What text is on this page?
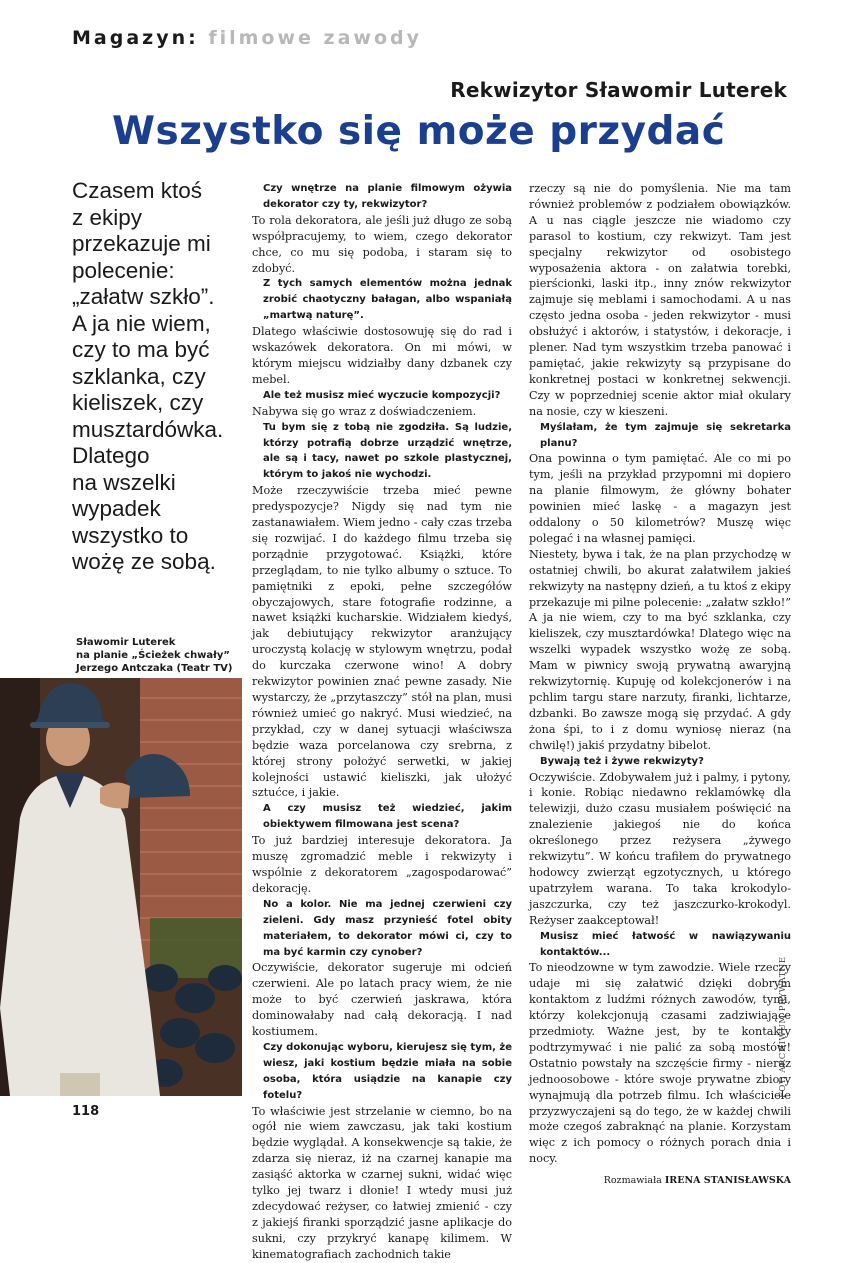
Magazyn: filmowe zawody
Rekwizytor Sławomir Luterek
Wszystko się może przydać
Czasem ktoś
z ekipy
przekazuje mi
polecenie:
„załatw szkło”.
A ja nie wiem,
czy to ma być
szklanka, czy
kieliszek, czy
musztardówka.
Dlatego
na wszelki
wypadek
wszystko to
wożę ze sobą.
Sławomir Luterek
na planie „Ścieżek chwały”
Jerzego Antczaka (Teatr TV)

Czy wnętrze na planie filmowym ożywia dekorator czy ty, rekwizytor?

To rola dekoratora, ale jeśli już długo ze sobą współpracujemy, to wiem, czego dekorator chce, co mu się podoba, i staram się to zdobyć.

Z tych samych elementów można jednak zrobić chaotyczny bałagan, albo wspaniałą „martwą naturę”.

Dlatego właściwie dostosowuję się do rad i wskazówek dekoratora. On mi mówi, w którym miejscu widziałby dany dzbanek czy mebel.

Ale też musisz mieć wyczucie kompozycji?

Nabywa się go wraz z doświadczeniem.

Tu bym się z tobą nie zgodziła. Są ludzie, którzy potrafią dobrze urządzić wnętrze, ale są i tacy, nawet po szkole plastycznej, którym to jakoś nie wychodzi.

Może rzeczywiście trzeba mieć pewne predyspozycje? Nigdy się nad tym nie zastanawiałem. Wiem jedno - cały czas trzeba się rozwijać. I do każdego filmu trzeba się porządnie przygotować. Książki, które przeglądam, to nie tylko albumy o sztuce. To pamiętniki z epoki, pełne szczegółów obyczajowych, stare fotografie rodzinne, a nawet książki kucharskie. Widziałem kiedyś, jak debiutujący rekwizytor aranżujący uroczystą kolację w stylowym wnętrzu, podał do kurczaka czerwone wino! A dobry rekwizytor powinien znać pewne zasady. Nie wystarczy, że „przytaszczy” stół na plan, musi również umieć go nakryć. Musi wiedzieć, na przykład, czy w danej sytuacji właściwsza będzie waza porcelanowa czy srebrna, z której strony położyć serwetki, w jakiej kolejności ustawić kieliszki, jak ułożyć sztućce, i jakie.

A czy musisz też wiedzieć, jakim obiektywem filmowana jest scena?

To już bardziej interesuje dekoratora. Ja muszę zgromadzić meble i rekwizyty i wspólnie z dekoratorem „zagospodarować” dekorację.

No a kolor. Nie ma jednej czerwieni czy zieleni. Gdy masz przynieść fotel obity materiałem, to dekorator mówi ci, czy to ma być karmin czy cynober?

Oczywiście, dekorator sugeruje mi odcień czerwieni. Ale po latach pracy wiem, że nie może to być czerwień jaskrawa, która dominowałaby nad całą dekoracją. I nad kostiumem.

Czy dokonując wyboru, kierujesz się tym, że wiesz, jaki kostium będzie miała na sobie osoba, która usiądzie na kanapie czy fotelu?

To właściwie jest strzelanie w ciemno, bo na ogół nie wiem zawczasu, jak taki kostium będzie wyglądał. A konsekwencje są takie, że zdarza się nieraz, iż na czarnej kanapie ma zasiąść aktorka w czarnej sukni, widać więc tylko jej twarz i dłonie! I wtedy musi już zdecydować reżyser, co łatwiej zmienić - czy z jakiejś firanki sporządzić jasne aplikacje do sukni, czy przykryć kanapę kilimem. W kinematografiach zachodnich takie

rzeczy są nie do pomyślenia. Nie ma tam również problemów z podziałem obowiązków. A u nas ciągle jeszcze nie wiadomo czy parasol to kostium, czy rekwizyt. Tam jest specjalny rekwizytor od osobistego wyposażenia aktora - on załatwia torebki, pierścionki, laski itp., inny znów rekwizytor zajmuje się meblami i samochodami. A u nas często jedna osoba - jeden rekwizytor - musi obsłużyć i aktorów, i statystów, i dekoracje, i plener. Nad tym wszystkim trzeba panować i pamiętać, jakie rekwizyty są przypisane do konkretnej postaci w konkretnej sekwencji. Czy w poprzedniej scenie aktor miał okulary na nosie, czy w kieszeni.

Myślałam, że tym zajmuje się sekretarka planu?

Ona powinna o tym pamiętać. Ale co mi po tym, jeśli na przykład przypomni mi dopiero na planie filmowym, że główny bohater powinien mieć laskę - a magazyn jest oddalony o 50 kilometrów? Muszę więc polegać i na własnej pamięci.

Niestety, bywa i tak, że na plan przychodzę w ostatniej chwili, bo akurat załatwiłem jakieś rekwizyty na następny dzień, a tu ktoś z ekipy przekazuje mi pilne polecenie: „załatw szkło!” A ja nie wiem, czy to ma być szklanka, czy kieliszek, czy musztardówka! Dlatego więc na wszelki wypadek wszystko wożę ze sobą. Mam w piwnicy swoją prywatną awaryjną rekwizytornię. Kupuję od kolekcjonerów i na pchlim targu stare narzuty, firanki, lichtarze, dzbanki. Bo zawsze mogą się przydać. A gdy żona śpi, to i z domu wyniosę nieraz (na chwilę!) jakiś przydatny bibelot.

Bywają też i żywe rekwizyty?

Oczywiście. Zdobywałem już i palmy, i pytony, i konie. Robiąc niedawno reklamówkę dla telewizji, dużo czasu musiałem poświęcić na znalezienie jakiegoś nie do końca określonego przez reżysera „żywego rekwizytu”. W końcu trafiłem do prywatnego hodowcy zwierząt egzotycznych, u którego upatrzyłem warana. To taka krokodylo-jaszczurka, czy też jaszczurko-krokodyl. Reżyser zaakceptował!

Musisz mieć łatwość w nawiązywaniu kontaktów...

To nieodzowne w tym zawodzie. Wiele rzeczy udaje mi się załatwić dzięki dobrym kontaktom z ludźmi różnych zawodów, tymi, którzy kolekcjonują czasami zadziwiające przedmioty. Ważne jest, by te kontakty podtrzymywać i nie palić za sobą mostów! Ostatnio powstały na szczęście firmy - nieraz jednoosobowe - które swoje prywatne zbiory wynajmują dla potrzeb filmu. Ich właściciele przyzwyczajeni są do tego, że w każdej chwili może czegoś zabraknąć na planie. Korzystam więc z ich pomocy o różnych porach dnia i nocy.

Rozmawiała IRENA STANISŁAWSKA
FOT. ARCHIWUM PRYWATNE
118
